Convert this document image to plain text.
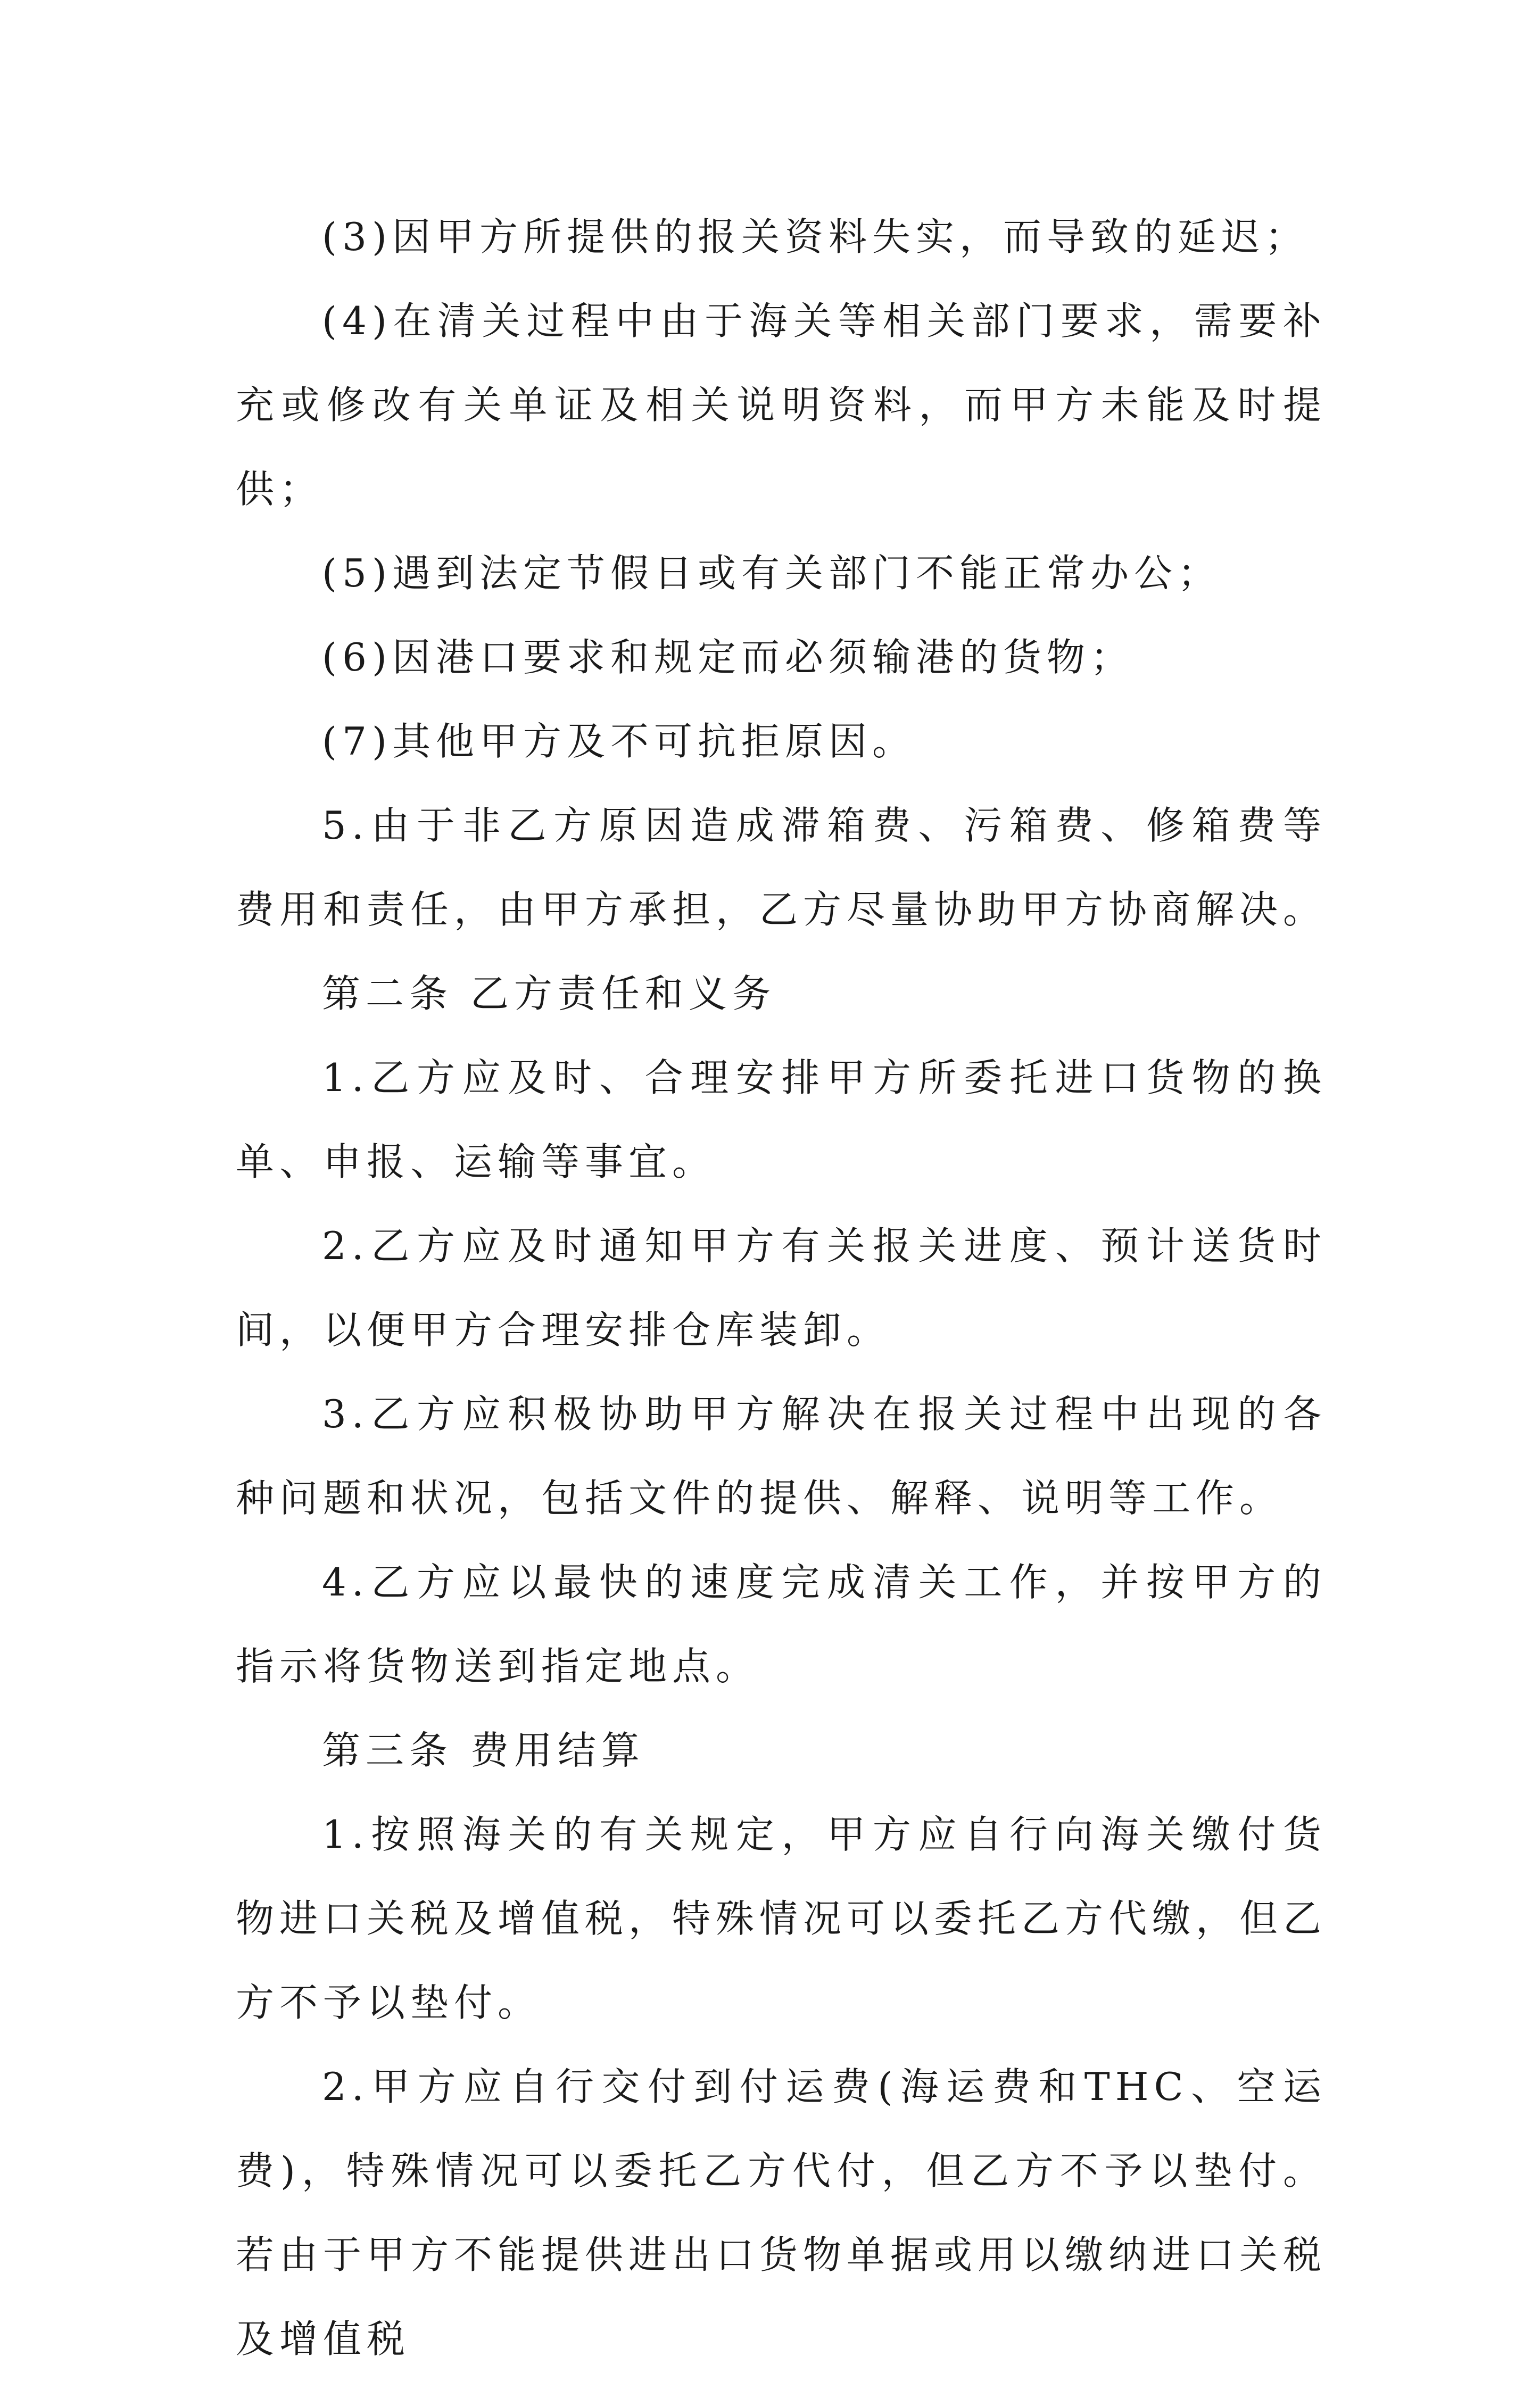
(3)因甲方所提供的报关资料失实，而导致的延迟；

(4)在清关过程中由于海关等相关部门要求，需要补充或修改有关单证及相关说明资料，而甲方未能及时提供；

(5)遇到法定节假日或有关部门不能正常办公；

(6)因港口要求和规定而必须输港的货物；

(7)其他甲方及不可抗拒原因。

5.由于非乙方原因造成滞箱费、污箱费、修箱费等费用和责任，由甲方承担，乙方尽量协助甲方协商解决。

第二条 乙方责任和义务

1.乙方应及时、合理安排甲方所委托进口货物的换单、申报、运输等事宜。

2.乙方应及时通知甲方有关报关进度、预计送货时间，以便甲方合理安排仓库装卸。

3.乙方应积极协助甲方解决在报关过程中出现的各种问题和状况，包括文件的提供、解释、说明等工作。

4.乙方应以最快的速度完成清关工作，并按甲方的指示将货物送到指定地点。

第三条 费用结算

1.按照海关的有关规定，甲方应自行向海关缴付货物进口关税及增值税，特殊情况可以委托乙方代缴，但乙方不予以垫付。

2.甲方应自行交付到付运费(海运费和THC、空运费)，特殊情况可以委托乙方代付，但乙方不予以垫付。若由于甲方不能提供进出口货物单据或用以缴纳进口关税及增值税
